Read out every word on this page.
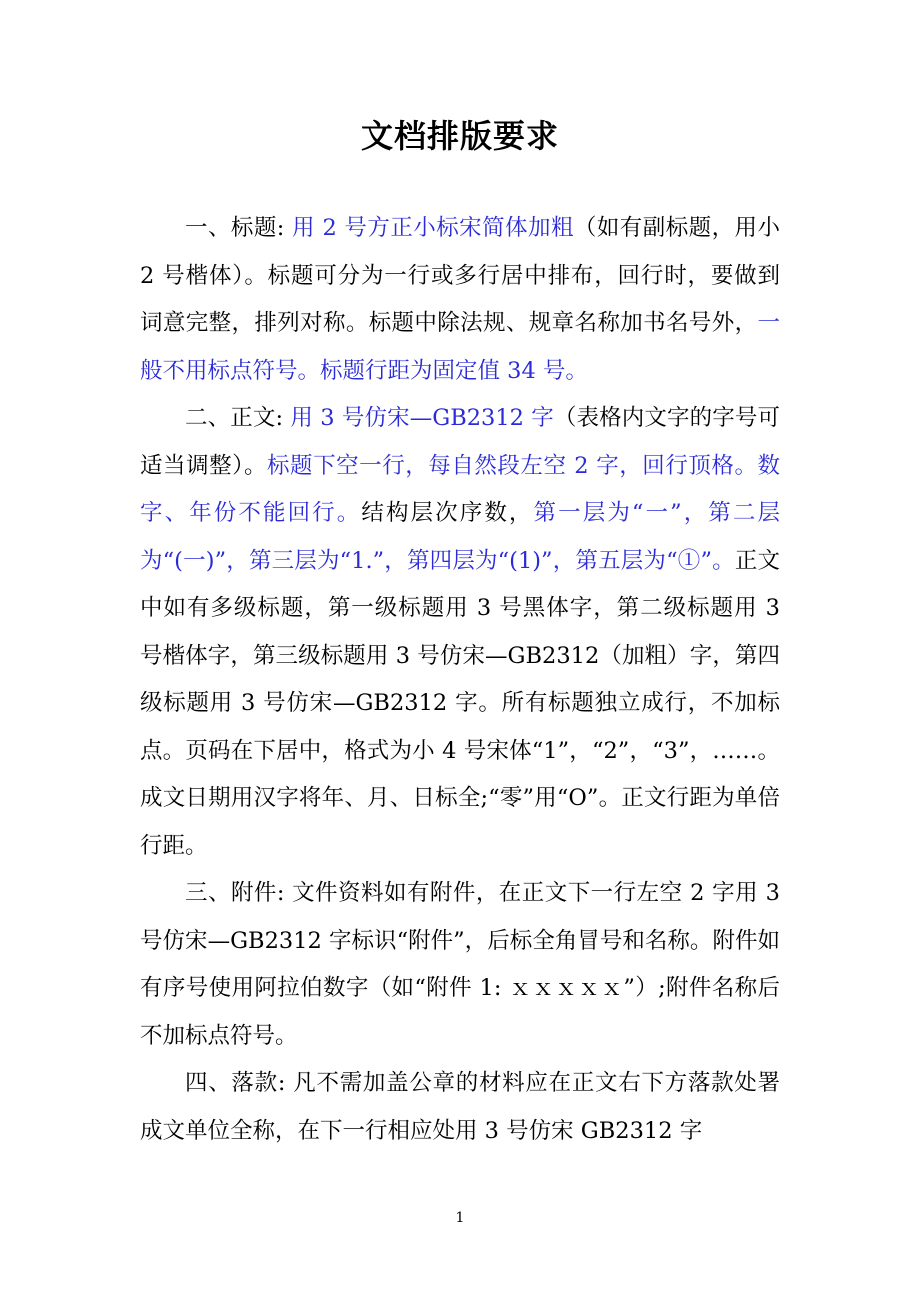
文档排版要求

一、标题: 用 2 号方正小标宋简体加粗（如有副标题，用小 2 号楷体）。标题可分为一行或多行居中排布，回行时，要做到词意完整，排列对称。标题中除法规、规章名称加书名号外，一般不用标点符号。标题行距为固定值 34 号。

二、正文: 用 3 号仿宋—GB2312 字（表格内文字的字号可适当调整）。标题下空一行，每自然段左空 2 字，回行顶格。数字、年份不能回行。结构层次序数，第一层为“一”，第二层为“(一)”，第三层为“1.”，第四层为“(1)”，第五层为“①”。正文中如有多级标题，第一级标题用 3 号黑体字，第二级标题用 3 号楷体字，第三级标题用 3 号仿宋—GB2312（加粗）字，第四级标题用 3 号仿宋—GB2312 字。所有标题独立成行，不加标点。页码在下居中，格式为小 4 号宋体“1”，“2”，“3”，……。成文日期用汉字将年、月、日标全;“零”用“O”。正文行距为单倍行距。

三、附件: 文件资料如有附件，在正文下一行左空 2 字用 3 号仿宋—GB2312 字标识“附件”，后标全角冒号和名称。附件如有序号使用阿拉伯数字（如“附件 1: ｘｘｘｘｘ”）;附件名称后不加标点符号。

四、落款: 凡不需加盖公章的材料应在正文右下方落款处署成文单位全称，在下一行相应处用 3 号仿宋 GB2312 字

1
